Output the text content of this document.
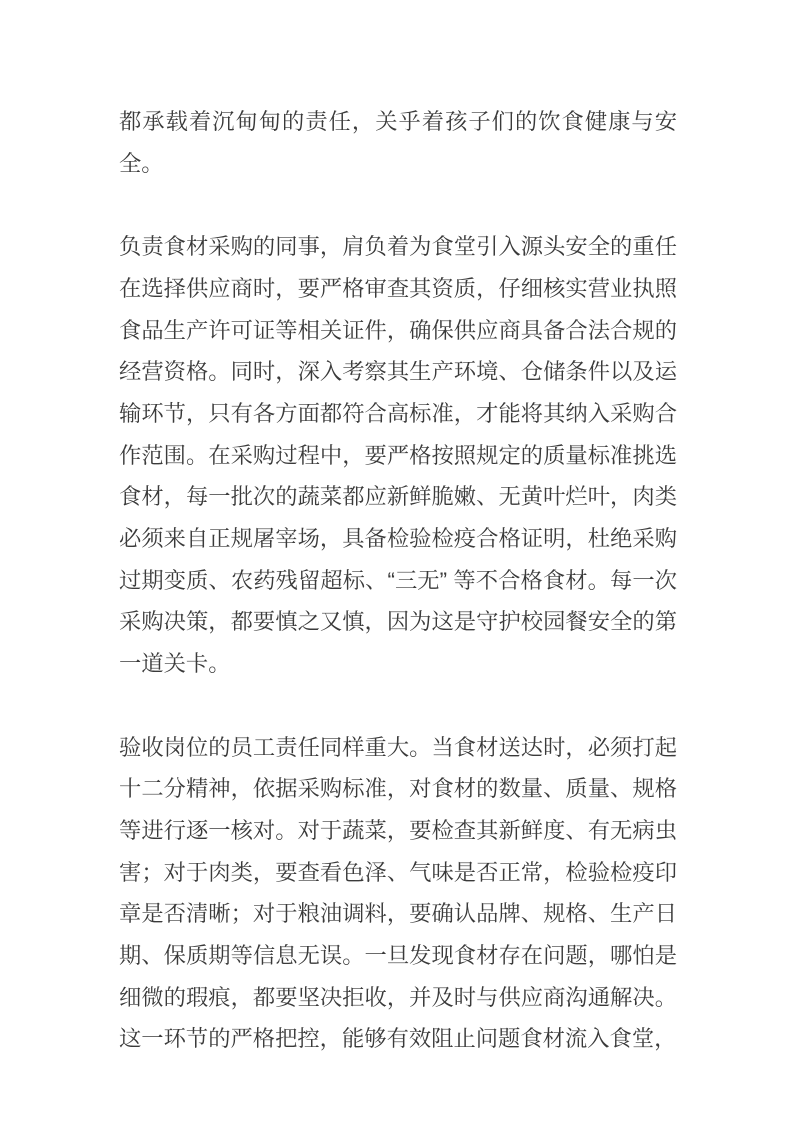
都承载着沉甸甸的责任，关乎着孩子们的饮食健康与安全。

负责食材采购的同事，肩负着为食堂引入源头安全的重任在选择供应商时，要严格审查其资质，仔细核实营业执照食品生产许可证等相关证件，确保供应商具备合法合规的经营资格。同时，深入考察其生产环境、仓储条件以及运输环节，只有各方面都符合高标准，才能将其纳入采购合作范围。在采购过程中，要严格按照规定的质量标准挑选食材，每一批次的蔬菜都应新鲜脆嫩、无黄叶烂叶，肉类必须来自正规屠宰场，具备检验检疫合格证明，杜绝采购过期变质、农药残留超标、“三无” 等不合格食材。每一次采购决策，都要慎之又慎，因为这是守护校园餐安全的第一道关卡。

验收岗位的员工责任同样重大。当食材送达时，必须打起十二分精神，依据采购标准，对食材的数量、质量、规格等进行逐一核对。对于蔬菜，要检查其新鲜度、有无病虫害；对于肉类，要查看色泽、气味是否正常，检验检疫印章是否清晰；对于粮油调料，要确认品牌、规格、生产日期、保质期等信息无误。一旦发现食材存在问题，哪怕是细微的瑕痕，都要坚决拒收，并及时与供应商沟通解决。这一环节的严格把控，能够有效阻止问题食材流入食堂，
